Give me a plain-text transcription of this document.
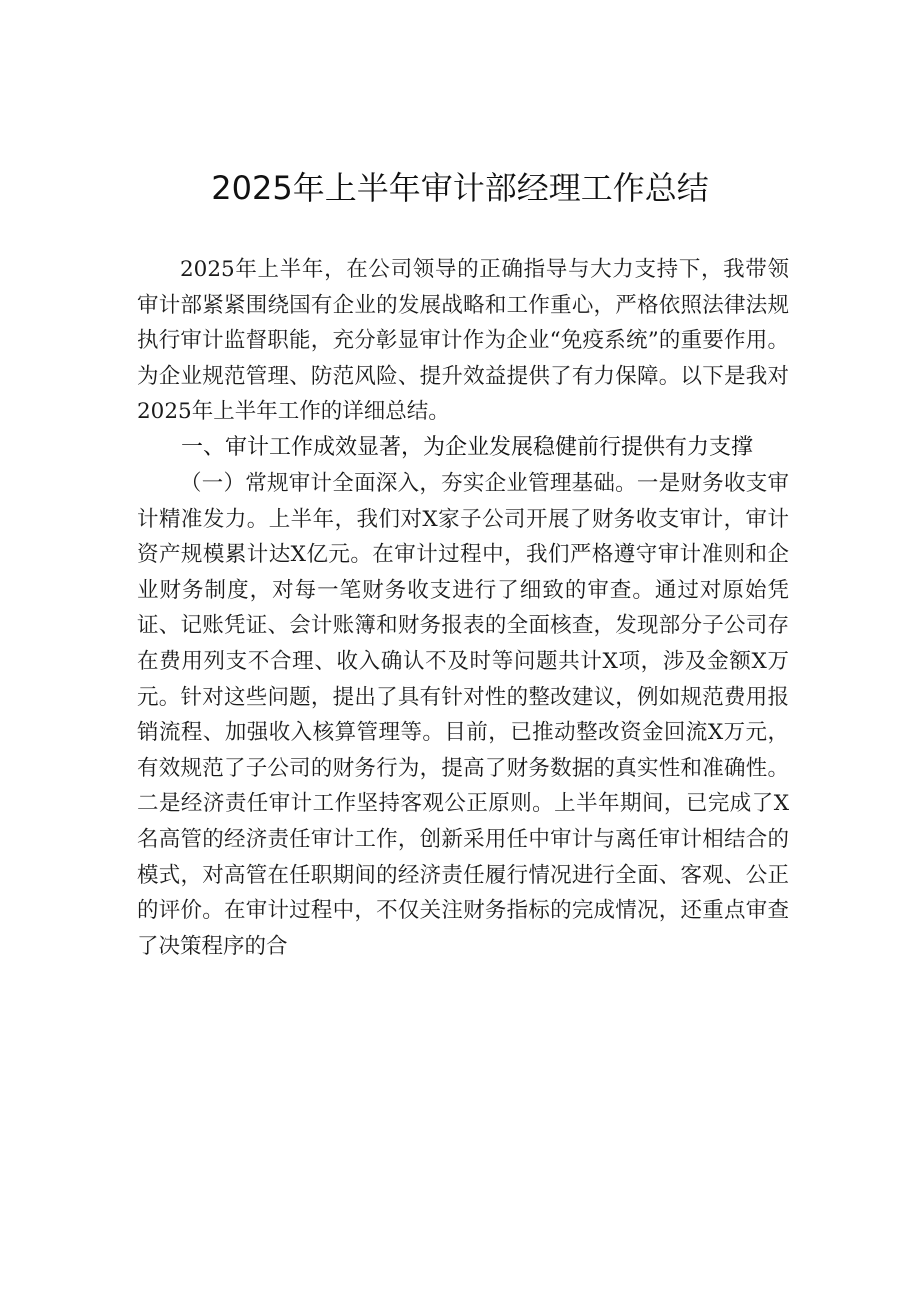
2025年上半年审计部经理工作总结

2025年上半年，在公司领导的正确指导与大力支持下，我带领审计部紧紧围绕国有企业的发展战略和工作重心，严格依照法律法规执行审计监督职能，充分彰显审计作为企业“免疫系统”的重要作用。为企业规范管理、防范风险、提升效益提供了有力保障。以下是我对2025年上半年工作的详细总结。

一、审计工作成效显著，为企业发展稳健前行提供有力支撑

（一）常规审计全面深入，夯实企业管理基础。一是财务收支审计精准发力。上半年，我们对X家子公司开展了财务收支审计，审计资产规模累计达X亿元。在审计过程中，我们严格遵守审计准则和企业财务制度，对每一笔财务收支进行了细致的审查。通过对原始凭证、记账凭证、会计账簿和财务报表的全面核查，发现部分子公司存在费用列支不合理、收入确认不及时等问题共计X项，涉及金额X万元。针对这些问题，提出了具有针对性的整改建议，例如规范费用报销流程、加强收入核算管理等。目前，已推动整改资金回流X万元，有效规范了子公司的财务行为，提高了财务数据的真实性和准确性。二是经济责任审计工作坚持客观公正原则。上半年期间，已完成了X名高管的经济责任审计工作，创新采用任中审计与离任审计相结合的模式，对高管在任职期间的经济责任履行情况进行全面、客观、公正的评价。在审计过程中，不仅关注财务指标的完成情况，还重点审查了决策程序的合
